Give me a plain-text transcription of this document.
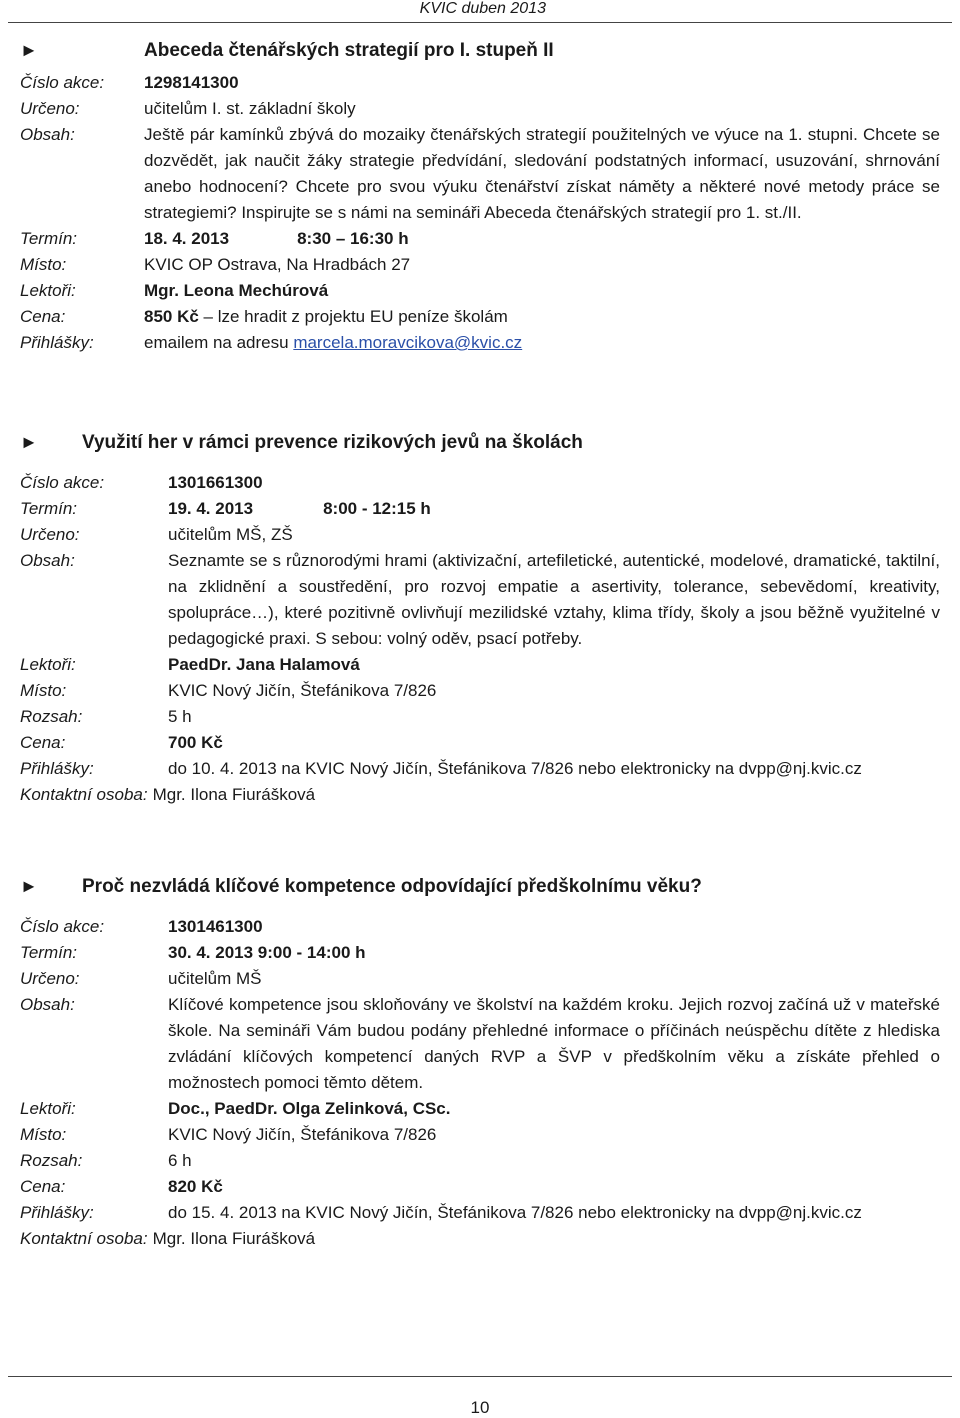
KVIC duben 2013
►	Abeceda čtenářských strategií pro I. stupeň II
Číslo akce:	1298141300
Určeno:	učitelům I. st. základní školy
Obsah:	Ještě pár kamínků zbývá do mozaiky čtenářských strategií použitelných ve výuce na 1. stupni. Chcete se dozvědět, jak naučit žáky strategie předvídání, sledování podstatných informací, usuzování, shrnování anebo hodnocení? Chcete pro svou výuku čtenářství získat náměty a některé nové metody práce se strategiemi? Inspirujte se s námi na semináři Abeceda čtenářských strategií pro 1. st./II.
Termín:	18. 4. 2013	8:30 – 16:30 h
Místo:	KVIC OP Ostrava, Na Hradbách 27
Lektoři:	Mgr. Leona Mechúrová
Cena:	850 Kč – lze hradit z projektu EU peníze školám
Přihlášky:	emailem na adresu marcela.moravcikova@kvic.cz
►	Využití her v rámci prevence rizikových jevů na školách
Číslo akce:	1301661300
Termín:	19. 4. 2013	8:00 - 12:15 h
Určeno:	učitelům MŠ, ZŠ
Obsah:	Seznamte se s různorodými hrami (aktivizační, artefiletické, autentické, modelové, dramatické, taktilní, na zklidnění a soustředění, pro rozvoj empatie a asertivity, tolerance, sebevědomí, kreativity, spolupráce…), které pozitivně ovlivňují mezilidské vztahy, klima třídy, školy a jsou běžně využitelné v pedagogické praxi. S sebou: volný oděv, psací potřeby.
Lektoři:	PaedDr. Jana Halamová
Místo:	KVIC Nový Jičín, Štefánikova 7/826
Rozsah:	5 h
Cena:	700 Kč
Přihlášky:	do 10. 4. 2013 na KVIC Nový Jičín, Štefánikova 7/826 nebo elektronicky na dvpp@nj.kvic.cz
Kontaktní osoba: Mgr. Ilona Fiurášková
►	Proč nezvládá klíčové kompetence odpovídající předškolnímu věku?
Číslo akce:	1301461300
Termín:	30. 4. 2013 9:00 - 14:00 h
Určeno:	učitelům MŠ
Obsah:	Klíčové kompetence jsou skloňovány ve školství na každém kroku. Jejich rozvoj začíná už v mateřské škole. Na semináři Vám budou podány přehledné informace o příčinách neúspěchu dítěte z hlediska zvládání klíčových kompetencí daných RVP a ŠVP v předškolním věku a získáte přehled o možnostech pomoci těmto dětem.
Lektoři:	Doc., PaedDr. Olga Zelinková, CSc.
Místo:	KVIC Nový Jičín, Štefánikova 7/826
Rozsah:	6 h
Cena:	820 Kč
Přihlášky:	do 15. 4. 2013 na KVIC Nový Jičín, Štefánikova 7/826 nebo elektronicky na dvpp@nj.kvic.cz
Kontaktní osoba: Mgr. Ilona Fiurášková
10
